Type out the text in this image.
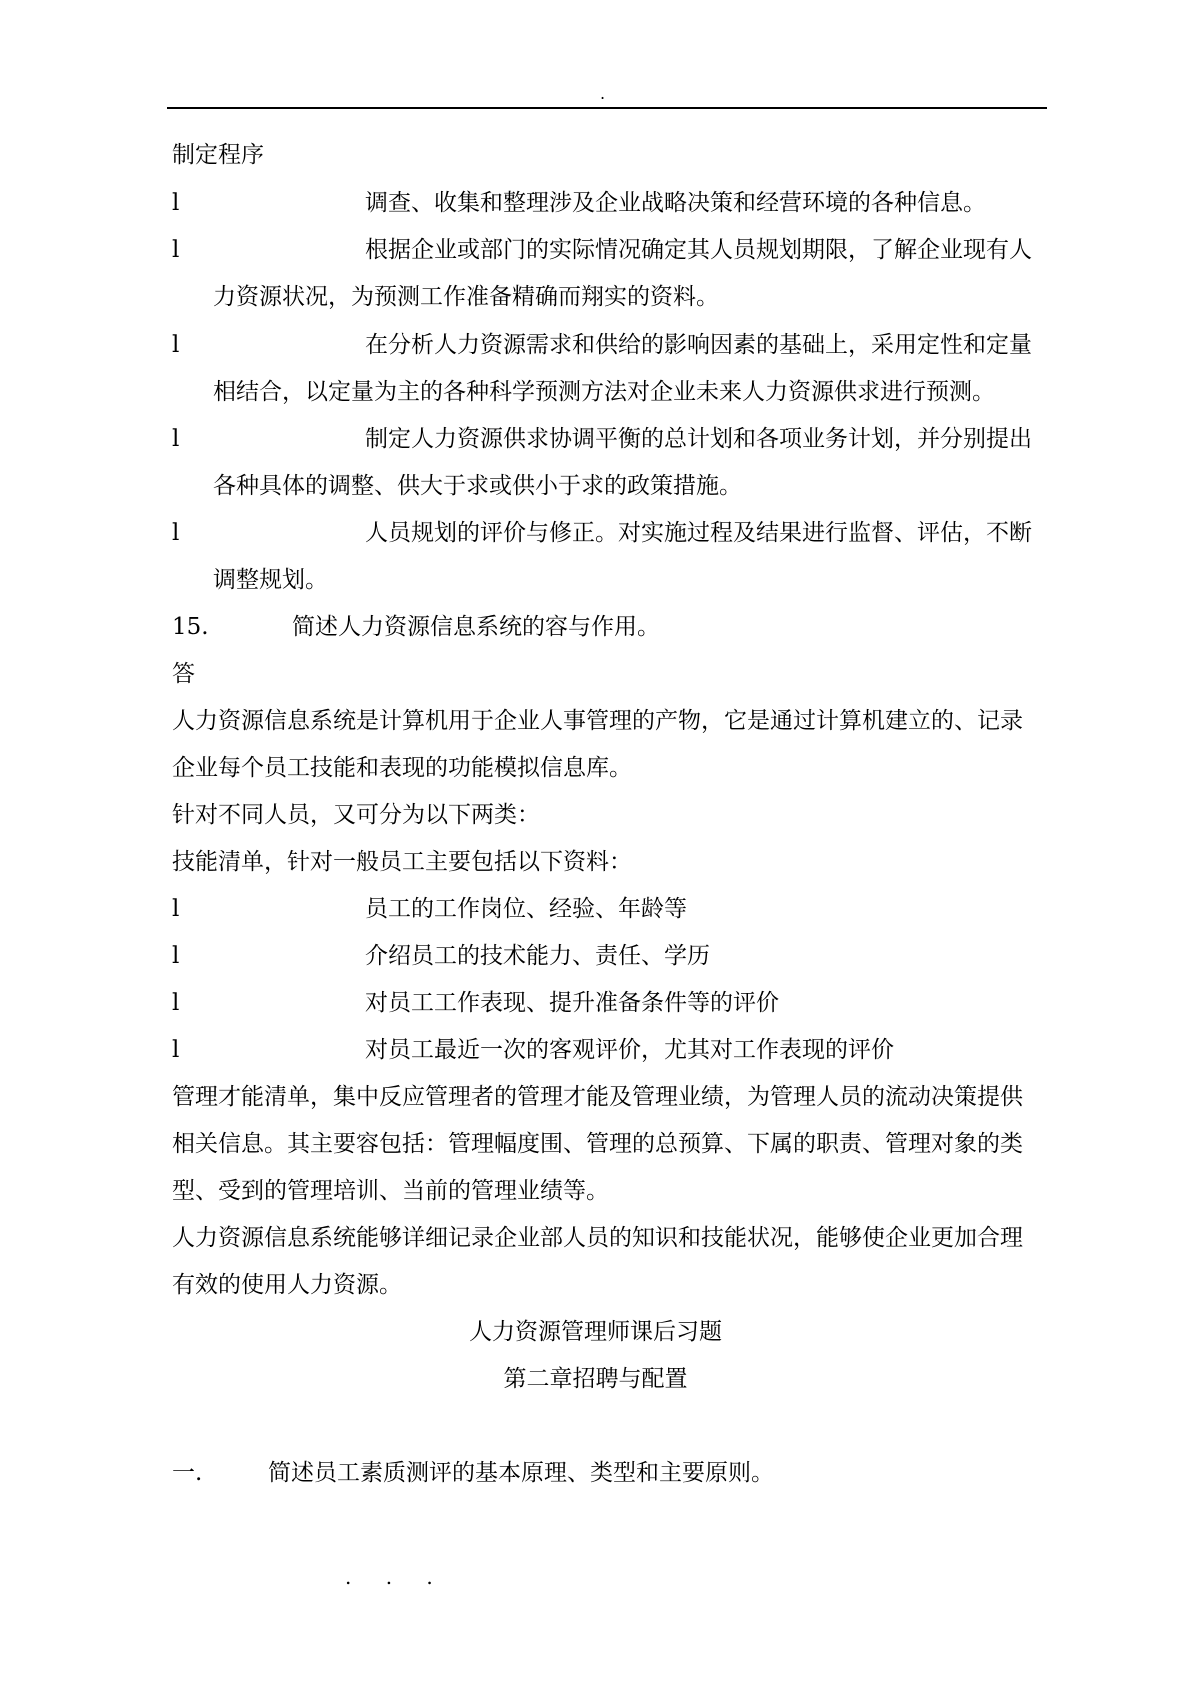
.
制定程序
l	调查、收集和整理涉及企业战略决策和经营环境的各种信息。
l	根据企业或部门的实际情况确定其人员规划期限，了解企业现有人
力资源状况，为预测工作准备精确而翔实的资料。
l	在分析人力资源需求和供给的影响因素的基础上，采用定性和定量
相结合，以定量为主的各种科学预测方法对企业未来人力资源供求进行预测。
l	制定人力资源供求协调平衡的总计划和各项业务计划，并分别提出
各种具体的调整、供大于求或供小于求的政策措施。
l	人员规划的评价与修正。对实施过程及结果进行监督、评估，不断
调整规划。
15.	简述人力资源信息系统的容与作用。
答
人力资源信息系统是计算机用于企业人事管理的产物，它是通过计算机建立的、记录
企业每个员工技能和表现的功能模拟信息库。
针对不同人员，又可分为以下两类：
技能清单，针对一般员工主要包括以下资料：
l	员工的工作岗位、经验、年龄等
l	介绍员工的技术能力、责任、学历
l	对员工工作表现、提升准备条件等的评价
l	对员工最近一次的客观评价，尤其对工作表现的评价
管理才能清单，集中反应管理者的管理才能及管理业绩，为管理人员的流动决策提供
相关信息。其主要容包括：管理幅度围、管理的总预算、下属的职责、管理对象的类
型、受到的管理培训、当前的管理业绩等。
人力资源信息系统能够详细记录企业部人员的知识和技能状况，能够使企业更加合理
有效的使用人力资源。
人力资源管理师课后习题
第二章招聘与配置
一.	简述员工素质测评的基本原理、类型和主要原则。
. . .
